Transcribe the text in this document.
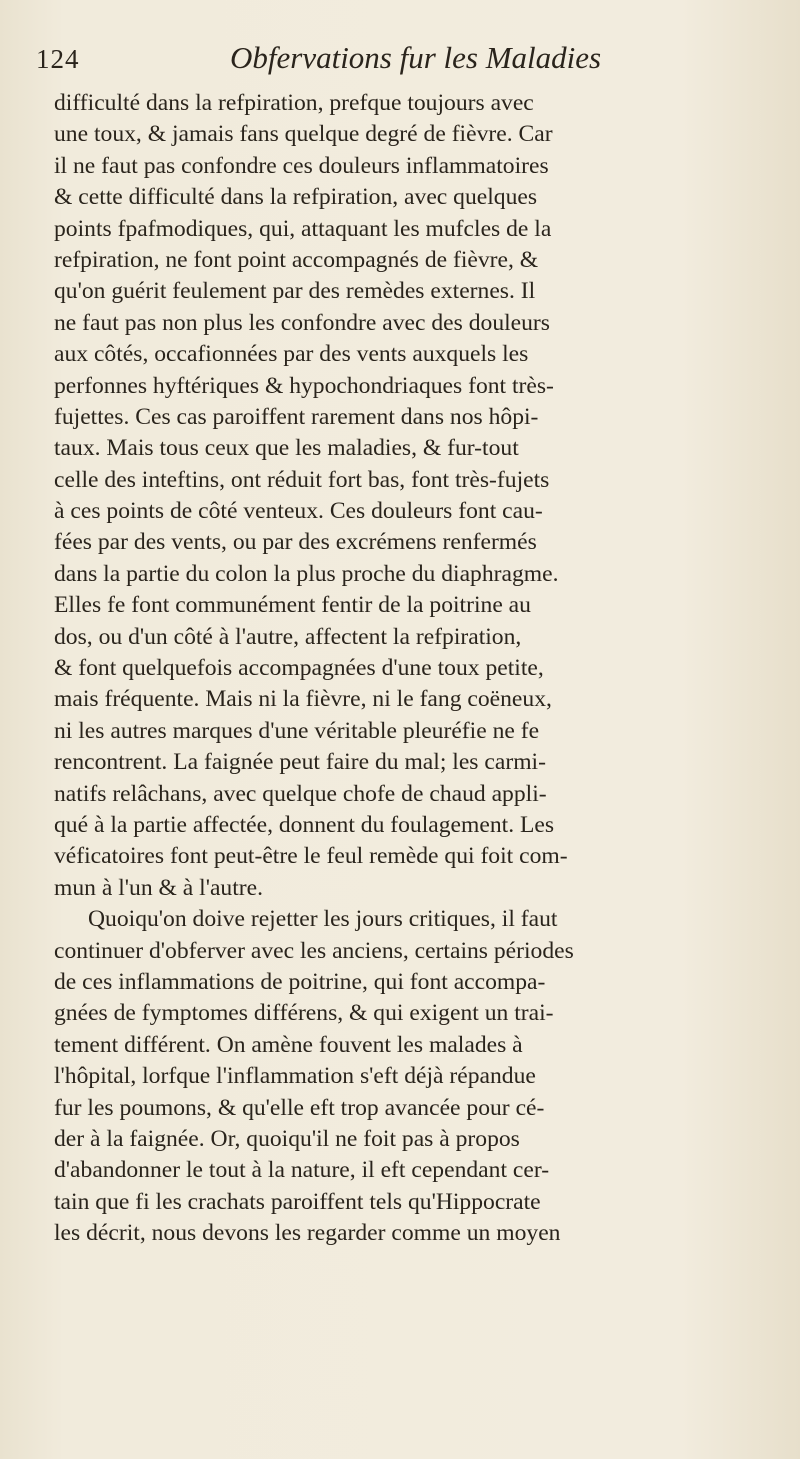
124	Obfervations fur les Maladies
difficulté dans la refpiration, prefque toujours avec
une toux, & jamais fans quelque degré de fièvre. Car
il ne faut pas confondre ces douleurs inflammatoires
& cette difficulté dans la refpiration, avec quelques
points fpafmodiques, qui, attaquant les mufcles de la
refpiration, ne font point accompagnés de fièvre, &
qu'on guérit feulement par des remèdes externes. Il
ne faut pas non plus les confondre avec des douleurs
aux côtés, occafionnées par des vents auxquels les
perfonnes hyftériques & hypochondriaques font très-
fujettes. Ces cas paroiffent rarement dans nos hôpi-
taux. Mais tous ceux que les maladies, & fur-tout
celle des inteftins, ont réduit fort bas, font très-fujets
à ces points de côté venteux. Ces douleurs font cau-
fées par des vents, ou par des excrémens renfermés
dans la partie du colon la plus proche du diaphragme.
Elles fe font communément fentir de la poitrine au
dos, ou d'un côté à l'autre, affectent la refpiration,
& font quelquefois accompagnées d'une toux petite,
mais fréquente. Mais ni la fièvre, ni le fang coëneux,
ni les autres marques d'une véritable pleuréfie ne fe
rencontrent. La faignée peut faire du mal; les carmi-
natifs relâchans, avec quelque chofe de chaud appli-
qué à la partie affectée, donnent du foulagement. Les
véficatoires font peut-être le feul remède qui foit com-
mun à l'un & à l'autre.
Quoiqu'on doive rejetter les jours critiques, il faut
continuer d'obferver avec les anciens, certains périodes
de ces inflammations de poitrine, qui font accompa-
gnées de fymptomes différens, & qui exigent un trai-
tement différent. On amène fouvent les malades à
l'hôpital, lorfque l'inflammation s'eft déjà répandue
fur les poumons, & qu'elle eft trop avancée pour cé-
der à la faignée. Or, quoiqu'il ne foit pas à propos
d'abandonner le tout à la nature, il eft cependant cer-
tain que fi les crachats paroiffent tels qu'Hippocrate
les décrit, nous devons les regarder comme un moyen
